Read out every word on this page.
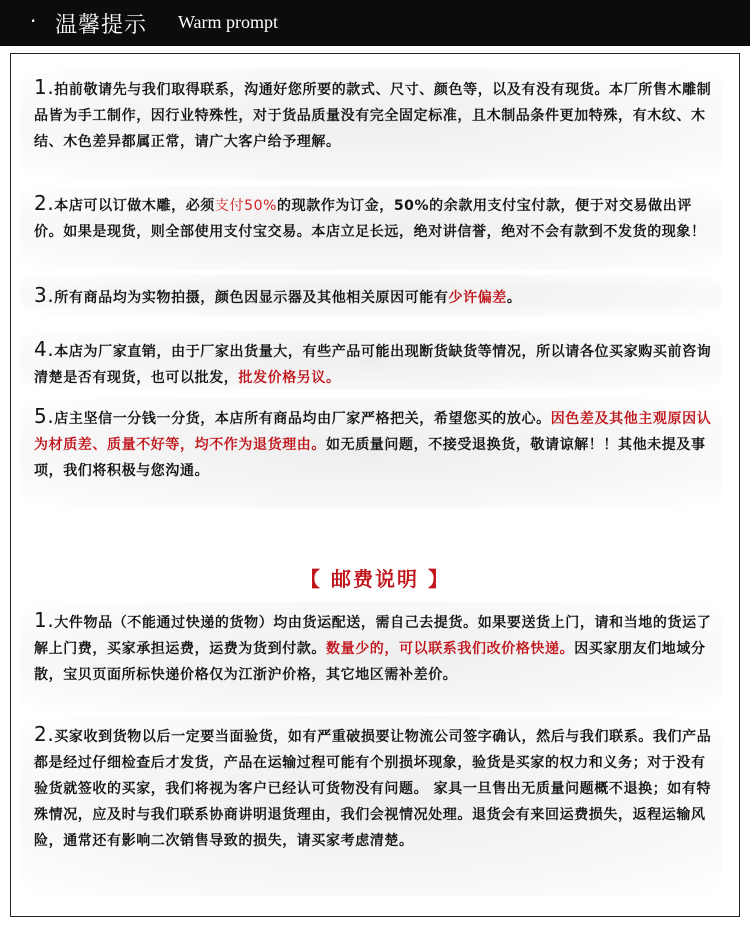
· 温馨提示 Warm prompt

1.拍前敬请先与我们取得联系，沟通好您所要的款式、尺寸、颜色等，以及有没有现货。本厂所售木雕制品皆为手工制作，因行业特殊性，对于货品质量没有完全固定标准，且木制品条件更加特殊，有木纹、木结、木色差异都属正常，请广大客户给予理解。

2.本店可以订做木雕，必须支付50%的现款作为订金，50%的余款用支付宝付款，便于对交易做出评价。如果是现货，则全部使用支付宝交易。本店立足长远，绝对讲信誉，绝对不会有款到不发货的现象！

3.所有商品均为实物拍摄，颜色因显示器及其他相关原因可能有少许偏差。

4.本店为厂家直销，由于厂家出货量大，有些产品可能出现断货缺货等情况，所以请各位买家购买前咨询清楚是否有现货，也可以批发，批发价格另议。

5.店主坚信一分钱一分货，本店所有商品均由厂家严格把关，希望您买的放心。因色差及其他主观原因认为材质差、质量不好等，均不作为退货理由。如无质量问题，不接受退换货，敬请谅解！！其他未提及事项，我们将积极与您沟通。

【 邮费说明 】

1.大件物品（不能通过快递的货物）均由货运配送，需自己去提货。如果要送货上门，请和当地的货运了解上门费，买家承担运费，运费为货到付款。数量少的，可以联系我们改价格快递。因买家朋友们地域分散，宝贝页面所标快递价格仅为江浙沪价格，其它地区需补差价。

2.买家收到货物以后一定要当面验货，如有严重破损要让物流公司签字确认，然后与我们联系。我们产品都是经过仔细检查后才发货，产品在运输过程可能有个别损坏现象，验货是买家的权力和义务；对于没有验货就签收的买家，我们将视为客户已经认可货物没有问题。 家具一旦售出无质量问题概不退换；如有特殊情况，应及时与我们联系协商讲明退货理由，我们会视情况处理。退货会有来回运费损失，返程运输风险，通常还有影响二次销售导致的损失，请买家考虑清楚。
